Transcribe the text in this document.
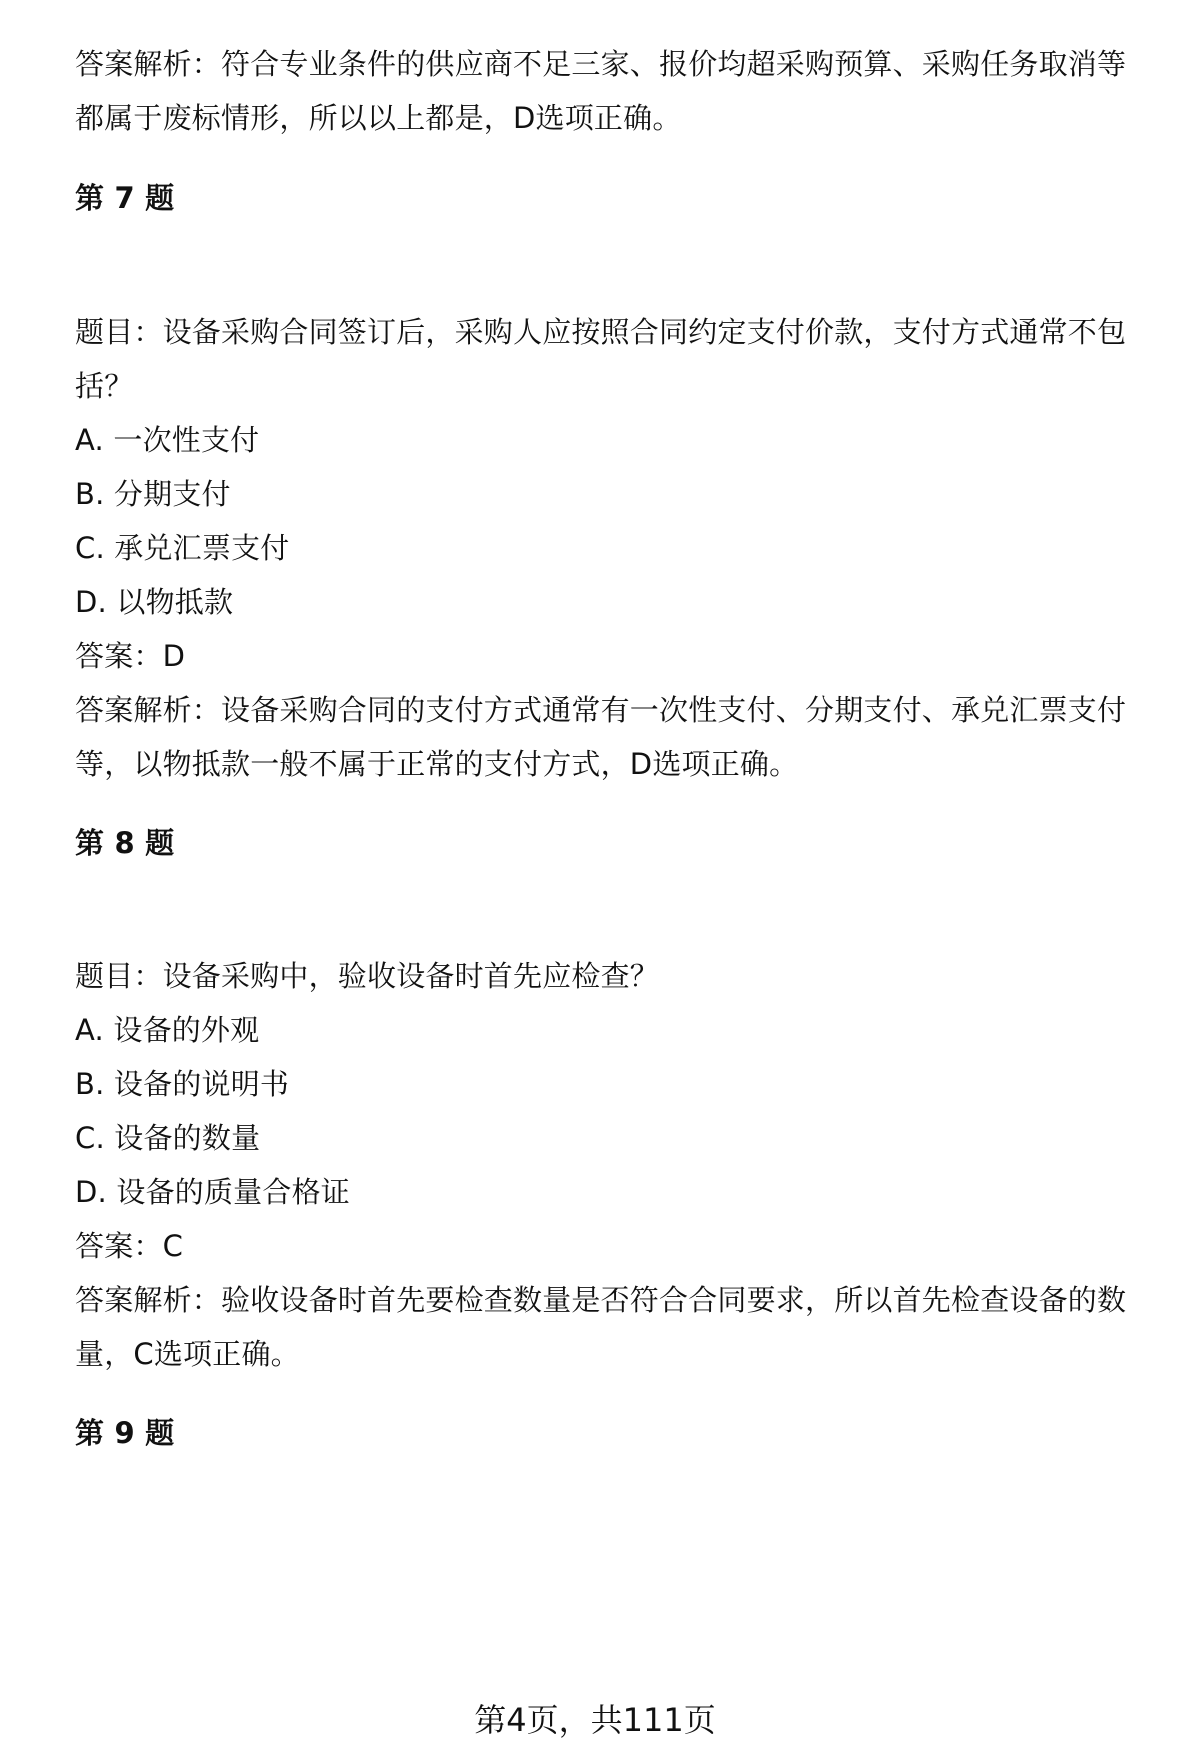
答案解析：符合专业条件的供应商不足三家、报价均超采购预算、采购任务取消等
都属于废标情形，所以以上都是，D选项正确。
第 7 题
题目：设备采购合同签订后，采购人应按照合同约定支付价款，支付方式通常不包
括？
A. 一次性支付
B. 分期支付
C. 承兑汇票支付
D. 以物抵款
答案：D
答案解析：设备采购合同的支付方式通常有一次性支付、分期支付、承兑汇票支付
等，以物抵款一般不属于正常的支付方式，D选项正确。
第 8 题
题目：设备采购中，验收设备时首先应检查？
A. 设备的外观
B. 设备的说明书
C. 设备的数量
D. 设备的质量合格证
答案：C
答案解析：验收设备时首先要检查数量是否符合合同要求，所以首先检查设备的数
量，C选项正确。
第 9 题
第4页，共111页
